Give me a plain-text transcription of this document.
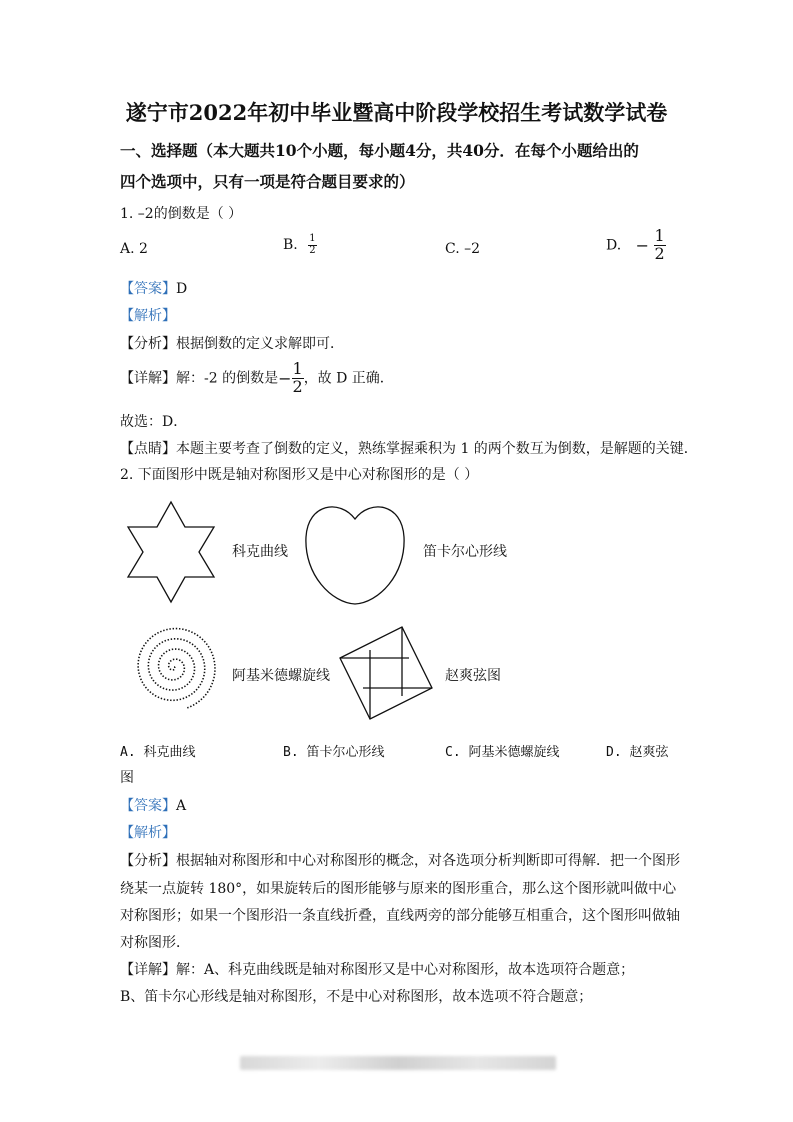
遂宁市2022年初中毕业暨高中阶段学校招生考试数学试卷
一、选择题（本大题共10个小题，每小题4分，共40分．在每个小题给出的
四个选项中，只有一项是符合题目要求的）
1. –2的倒数是（ ）
A. 2	B. $\frac{1}{2}$	C. –2	D. − $\frac{1}{2}$
【答案】D
【解析】
【分析】根据倒数的定义求解即可．
【详解】解：-2 的倒数是− $\frac{1}{2}$ ，故 D 正确．
故选：D．
【点睛】本题主要考查了倒数的定义，熟练掌握乘积为 1 的两个数互为倒数，是解题的关键．
2. 下面图形中既是轴对称图形又是中心对称图形的是（ ）
科克曲线	笛卡尔心形线
阿基米德螺旋线	赵爽弦图
A. 科克曲线	B. 笛卡尔心形线	C. 阿基米德螺旋线	D. 赵爽弦
图
【答案】A
【解析】
【分析】根据轴对称图形和中心对称图形的概念，对各选项分析判断即可得解．把一个图形
绕某一点旋转 180°，如果旋转后的图形能够与原来的图形重合，那么这个图形就叫做中心
对称图形；如果一个图形沿一条直线折叠，直线两旁的部分能够互相重合，这个图形叫做轴
对称图形．
【详解】解：A、科克曲线既是轴对称图形又是中心对称图形，故本选项符合题意；
B、笛卡尔心形线是轴对称图形，不是中心对称图形，故本选项不符合题意；
